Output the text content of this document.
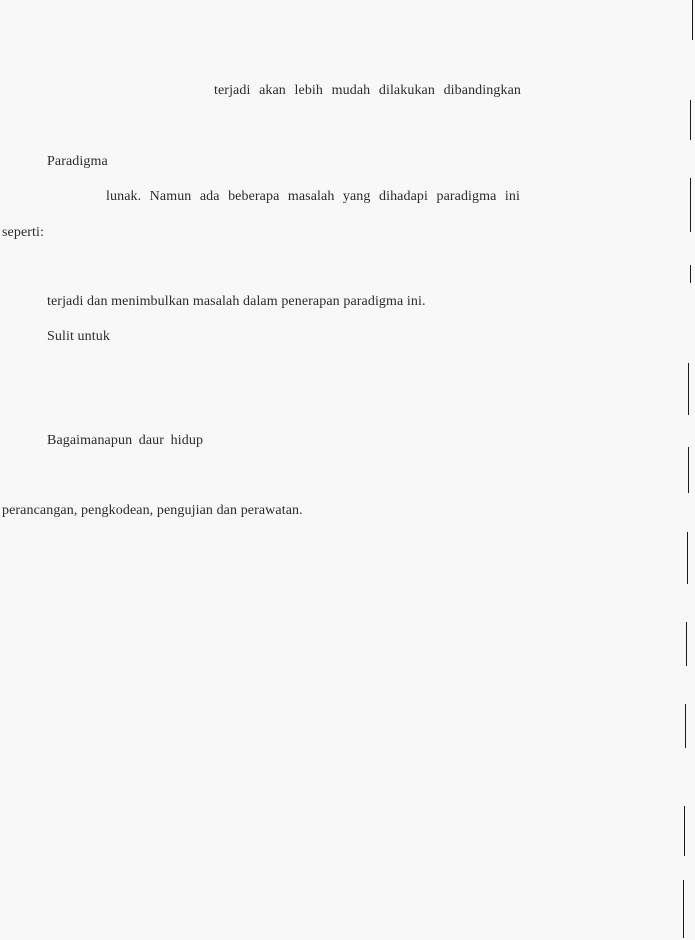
terjadi akan lebih mudah dilakukan dibandingkan
Paradigma
lunak. Namun ada beberapa masalah yang dihadapi paradigma ini
seperti:
terjadi dan menimbulkan masalah dalam penerapan paradigma ini.
Sulit untuk
Bagaimanapun daur hidup
perancangan, pengkodean, pengujian dan perawatan.
